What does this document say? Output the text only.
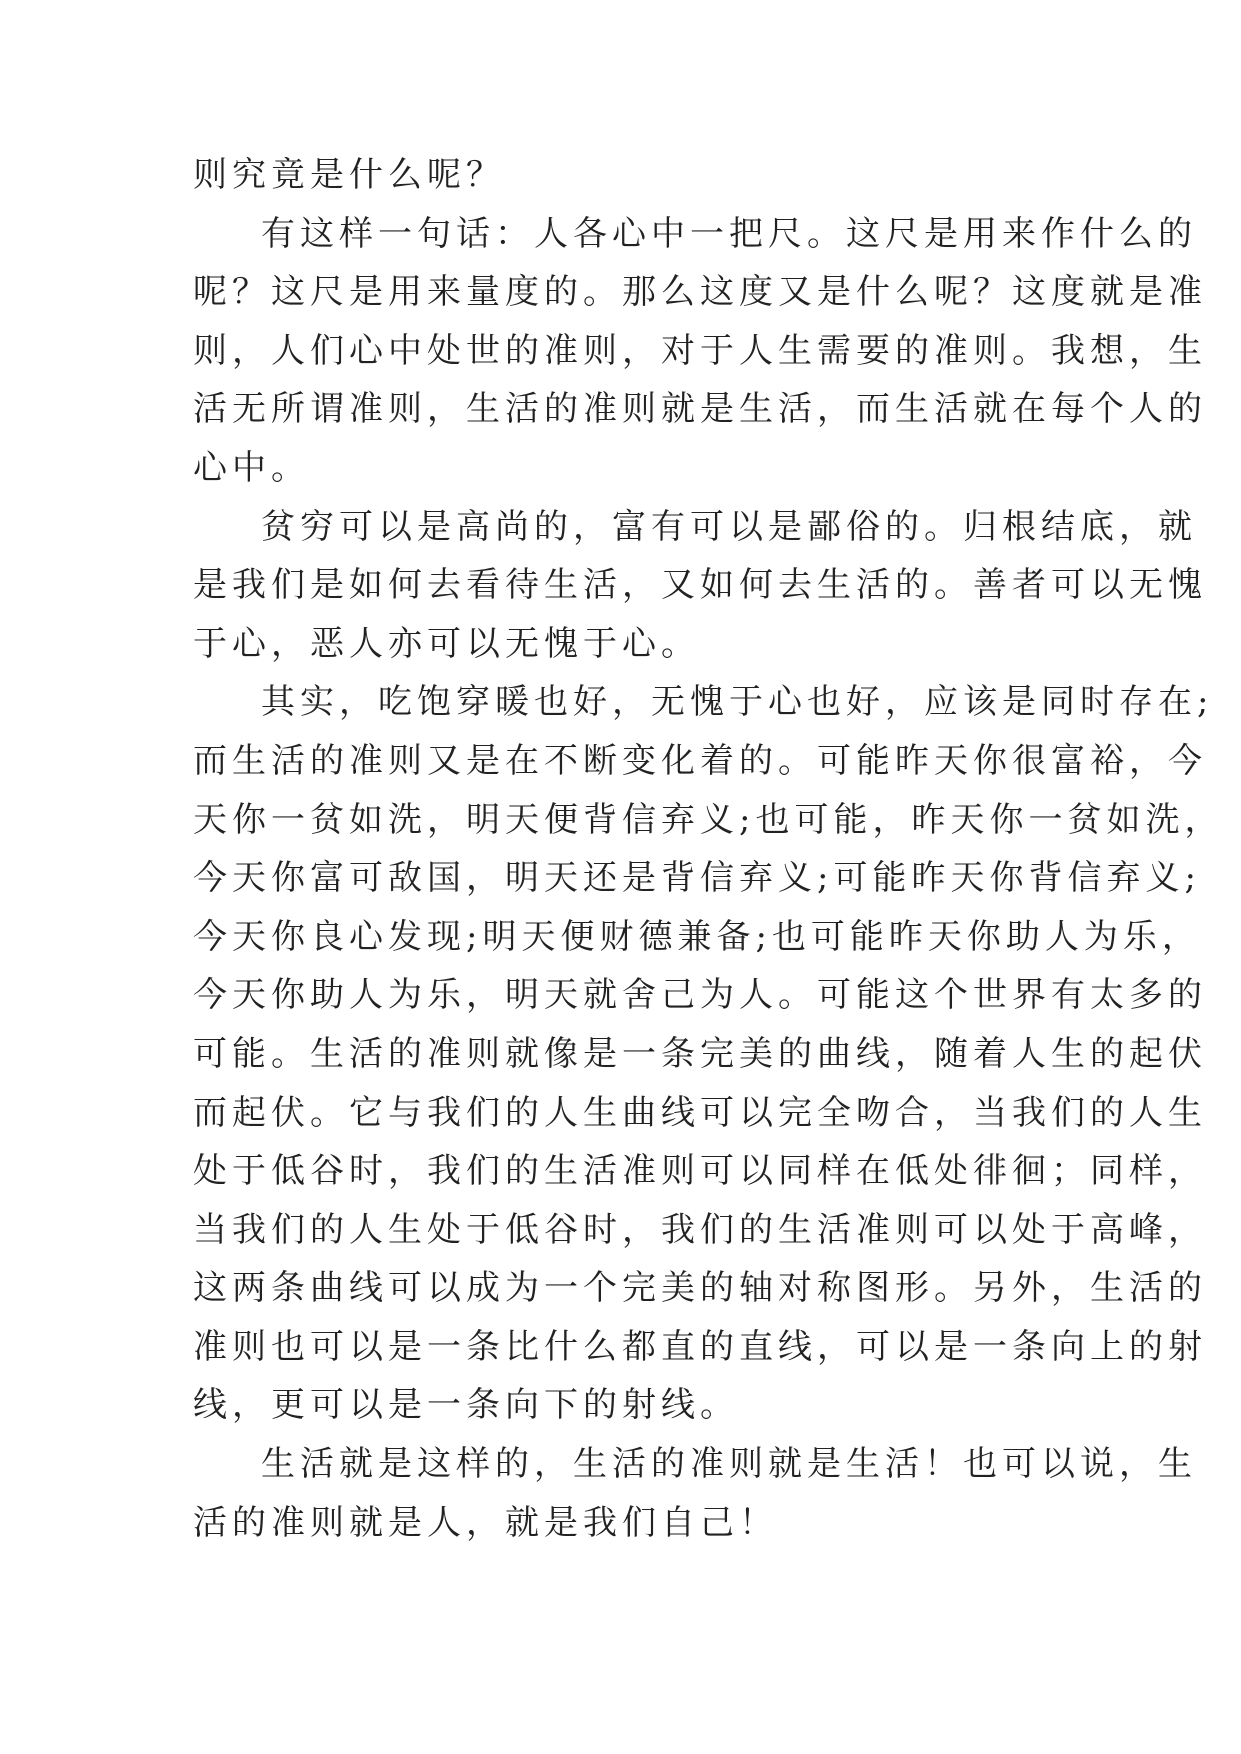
则究竟是什么呢？
有这样一句话：人各心中一把尺。这尺是用来作什么的
呢？这尺是用来量度的。那么这度又是什么呢？这度就是准
则，人们心中处世的准则，对于人生需要的准则。我想，生
活无所谓准则，生活的准则就是生活，而生活就在每个人的
心中。
贫穷可以是高尚的，富有可以是鄙俗的。归根结底，就
是我们是如何去看待生活，又如何去生活的。善者可以无愧
于心，恶人亦可以无愧于心。
其实，吃饱穿暖也好，无愧于心也好，应该是同时存在;
而生活的准则又是在不断变化着的。可能昨天你很富裕，今
天你一贫如洗，明天便背信弃义;也可能，昨天你一贫如洗，
今天你富可敌国，明天还是背信弃义;可能昨天你背信弃义;
今天你良心发现;明天便财德兼备;也可能昨天你助人为乐，
今天你助人为乐，明天就舍己为人。可能这个世界有太多的
可能。生活的准则就像是一条完美的曲线，随着人生的起伏
而起伏。它与我们的人生曲线可以完全吻合，当我们的人生
处于低谷时，我们的生活准则可以同样在低处徘徊；同样，
当我们的人生处于低谷时，我们的生活准则可以处于高峰，
这两条曲线可以成为一个完美的轴对称图形。另外，生活的
准则也可以是一条比什么都直的直线，可以是一条向上的射
线，更可以是一条向下的射线。
生活就是这样的，生活的准则就是生活！也可以说，生
活的准则就是人，就是我们自己！
